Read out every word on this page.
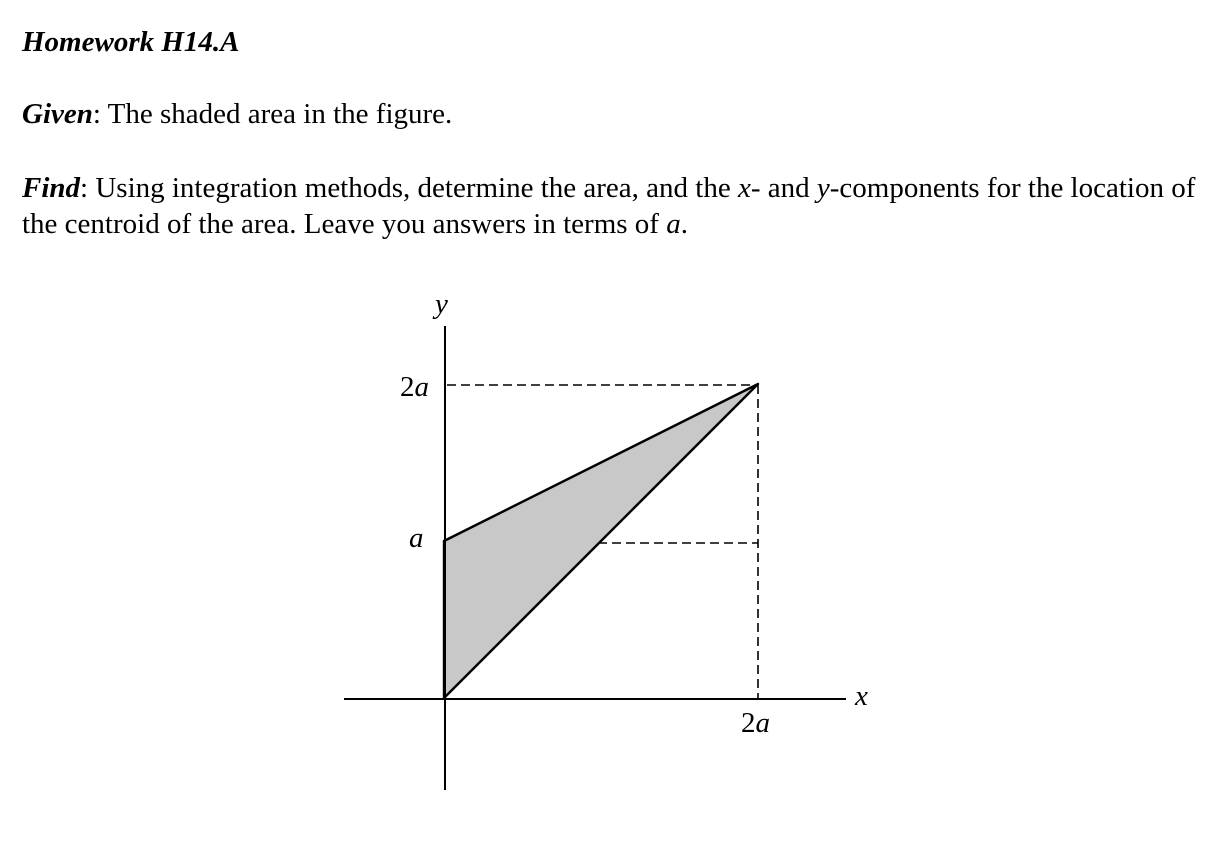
Homework H14.A

Given: The shaded area in the figure.

Find: Using integration methods, determine the area, and the x- and y-components for the location of the centroid of the area. Leave you answers in terms of a.

y
x
2a
a
2a
